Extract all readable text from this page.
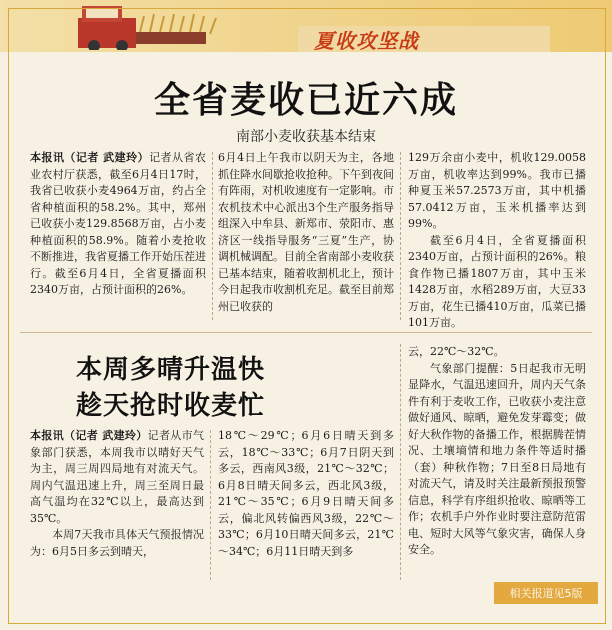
夏收攻坚战
全省麦收已近六成
南部小麦收获基本结束
本报讯（记者 武建玲）记者从省农业农村厅获悉，截至6月4日17时，我省已收获小麦4964万亩，约占全省种植面积的58.2%。其中，郑州已收获小麦129.8568万亩，占小麦种植面积的58.9%。随着小麦抢收不断推进，我省夏播工作开始压茬进行。截至6月4日，全省夏播面积2340万亩，占预计面积的26%。
6月4日上午我市以阴天为主，各地抓住降水间歇抢收抢种。下午到夜间有阵雨，对机收速度有一定影响。市农机技术中心派出3个生产服务指导组深入中牟县、新郑市、荥阳市、惠济区一线指导服务“三夏”生产，协调机械调配。目前全省南部小麦收获已基本结束，随着收割机北上，预计今日起我市收割机充足。截至目前郑州已收获的
129万余亩小麦中，机收129.0058万亩，机收率达到99%。我市已播种夏玉米57.2573万亩，其中机播57.0412万亩，玉米机播率达到99%。
截至6月4日，全省夏播面积2340万亩，占预计面积的26%。粮食作物已播1807万亩，其中玉米1428万亩，水稻289万亩，大豆33万亩，花生已播410万亩，瓜菜已播101万亩。
本周多晴升温快
趁天抢时收麦忙
本报讯（记者 武建玲）记者从市气象部门获悉，本周我市以晴好天气为主，周三周四局地有对流天气。周内气温迅速上升，周三至周日最高气温均在32℃以上，最高达到35℃。
本周7天我市具体天气预报情况为：6月5日多云到晴天，
18℃～29℃；6月6日晴天到多云，18℃～33℃；6月7日阴天到多云，西南风3级，21℃～32℃；6月8日晴天间多云，西北风3级，21℃～35℃；6月9日晴天间多云，偏北风转偏西风3级，22℃～33℃；6月10日晴天间多云，21℃～34℃；6月11日晴天到多
云，22℃～32℃。
气象部门提醒：5日起我市无明显降水，气温迅速回升，周内天气条件有利于麦收工作，已收获小麦注意做好通风、晾晒，避免发芽霉变；做好大秋作物的备播工作，根据腾茬情况、土壤墒情和地力条件等适时播（套）种秋作物；7日至8日局地有对流天气，请及时关注最新预报预警信息，科学有序组织抢收、晾晒等工作；农机手户外作业时要注意防范雷电、短时大风等气象灾害，确保人身安全。
相关报道见5版
